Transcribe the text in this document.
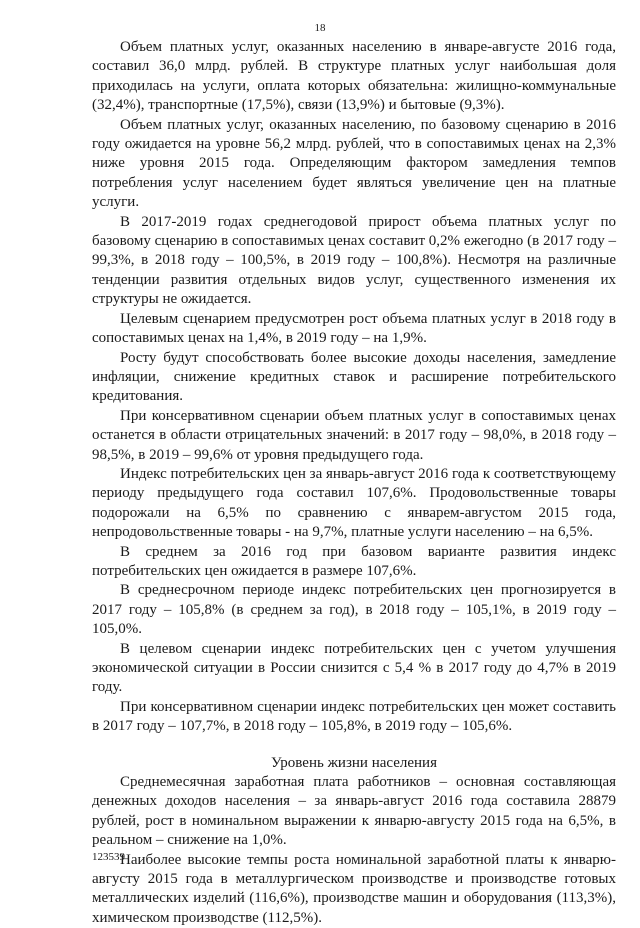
18

Объем платных услуг, оказанных населению в январе-августе 2016 года, составил 36,0 млрд. рублей. В структуре платных услуг наибольшая доля приходилась на услуги, оплата которых обязательна: жилищно-коммунальные (32,4%), транспортные (17,5%), связи (13,9%) и бытовые (9,3%).

Объем платных услуг, оказанных населению, по базовому сценарию в 2016 году ожидается на уровне 56,2 млрд. рублей, что в сопоставимых ценах на 2,3% ниже уровня 2015 года. Определяющим фактором замедления темпов потребления услуг населением будет являться увеличение цен на платные услуги.

В 2017-2019 годах среднегодовой прирост объема платных услуг по базовому сценарию в сопоставимых ценах составит 0,2% ежегодно (в 2017 году – 99,3%, в 2018 году – 100,5%, в 2019 году – 100,8%). Несмотря на различные тенденции развития отдельных видов услуг, существенного изменения их структуры не ожидается.

Целевым сценарием предусмотрен рост объема платных услуг в 2018 году в сопоставимых ценах на 1,4%, в 2019 году – на 1,9%.

Росту будут способствовать более высокие доходы населения, замедление инфляции, снижение кредитных ставок и расширение потребительского кредитования.

При консервативном сценарии объем платных услуг в сопоставимых ценах останется в области отрицательных значений: в 2017 году – 98,0%, в 2018 году – 98,5%, в 2019 – 99,6% от уровня предыдущего года.

Индекс потребительских цен за январь-август 2016 года к соответствующему периоду предыдущего года составил 107,6%. Продовольственные товары подорожали на 6,5% по сравнению с январем-августом 2015 года, непродовольственные товары - на 9,7%, платные услуги населению – на 6,5%.

В среднем за 2016 год при базовом варианте развития индекс потребительских цен ожидается в размере 107,6%.

В среднесрочном периоде индекс потребительских цен прогнозируется в 2017 году – 105,8% (в среднем за год), в 2018 году – 105,1%, в 2019 году – 105,0%.

В целевом сценарии индекс потребительских цен с учетом улучшения экономической ситуации в России снизится с 5,4 % в 2017 году до 4,7% в 2019 году.

При консервативном сценарии индекс потребительских цен может составить в 2017 году – 107,7%, в 2018 году – 105,8%, в 2019 году – 105,6%.

Уровень жизни населения

Среднемесячная заработная плата работников – основная составляющая денежных доходов населения – за январь-август 2016 года составила 28879 рублей, рост в номинальном выражении к январю-августу 2015 года на 6,5%, в реальном – снижение на 1,0%.

Наиболее высокие темпы роста номинальной заработной платы к январю-августу 2015 года в металлургическом производстве и производстве готовых металлических изделий (116,6%), производстве машин и оборудования (113,3%), химическом производстве (112,5%).

123539
